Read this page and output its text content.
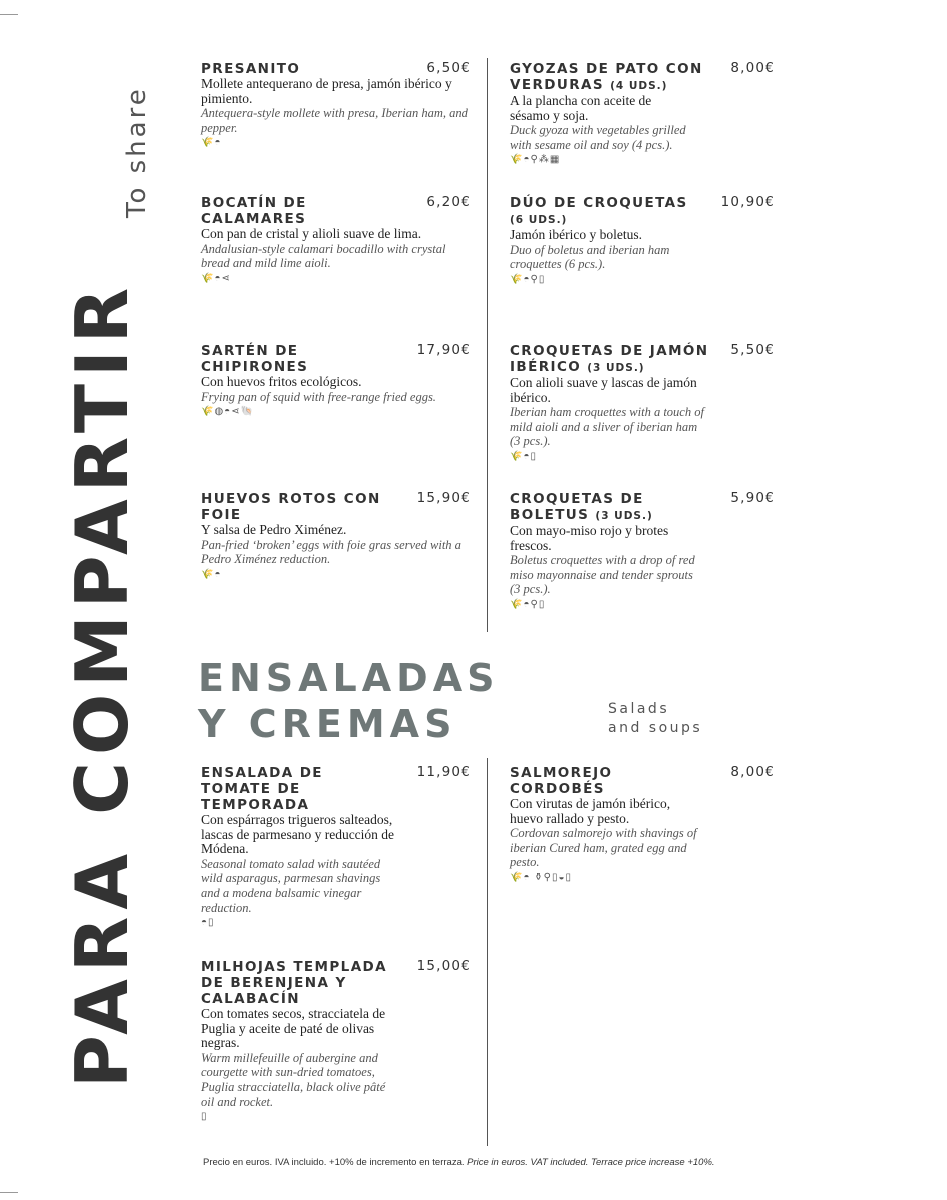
PARA COMPARTIR
To share
PRESANITO	6,50€
Mollete antequerano de presa, jamón ibérico y pimiento.
Antequera-style mollete with presa, Iberian ham, and pepper.
🌾◓
BOCATÍN DE CALAMARES
6,20€
Con pan de cristal y alioli suave de lima.
Andalusian-style calamari bocadillo with crystal bread and mild lime aioli.
🌾◓⋖
SARTÉN DE CHIPIRONES
17,90€
Con huevos fritos ecológicos.
Frying pan of squid with free-range fried eggs.
🌾◍◓⋖🐚
HUEVOS ROTOS CON FOIE
15,90€
Y salsa de Pedro Ximénez.
Pan-fried ‘broken’ eggs with foie gras served with a Pedro Ximénez reduction.
🌾◓
GYOZAS DE PATO CON VERDURAS (4 UDS.)
8,00€
A la plancha con aceite de sésamo y soja.
Duck gyoza with vegetables grilled with sesame oil and soy (4 pcs.).
🌾◓⚲⁂▦
DÚO DE CROQUETAS
(6 UDS.)
10,90€
Jamón ibérico y boletus.
Duo of boletus and iberian ham croquettes (6 pcs.).
🌾◓⚲▯
CROQUETAS DE JAMÓN IBÉRICO (3 UDS.)
5,50€
Con alioli suave y lascas de jamón ibérico.
Iberian ham croquettes with a touch of mild aioli and a sliver of iberian ham (3 pcs.).
🌾◓▯
CROQUETAS DE BOLETUS (3 UDS.)
5,90€
Con mayo-miso rojo y brotes frescos.
Boletus croquettes with a drop of red miso mayonnaise and tender sprouts (3 pcs.).
🌾◓⚲▯
ENSALADAS
Y CREMAS	Salads
and soups
ENSALADA DE TOMATE DE TEMPORADA
11,90€
Con espárragos trigueros salteados, lascas de parmesano y reducción de Módena.
Seasonal tomato salad with sautéed wild asparagus, parmesan shavings and a modena balsamic vinegar reduction.
◓▯
MILHOJAS TEMPLADA DE BERENJENA Y CALABACÍN
15,00€
Con tomates secos, stracciatela de Puglia y aceite de paté de olivas negras.
Warm millefeuille of aubergine and courgette with sun-dried tomatoes, Puglia stracciatella, black olive pâté oil and rocket.
▯
SALMOREJO CORDOBÉS
8,00€
Con virutas de jamón ibérico, huevo rallado y pesto.
Cordovan salmorejo with shavings of iberian Cured ham, grated egg and pesto.
🌾◓ ⚱⚲▯◒▯
Precio en euros. IVA incluido. +10% de incremento en terraza. Price in euros. VAT included. Terrace price increase +10%.
